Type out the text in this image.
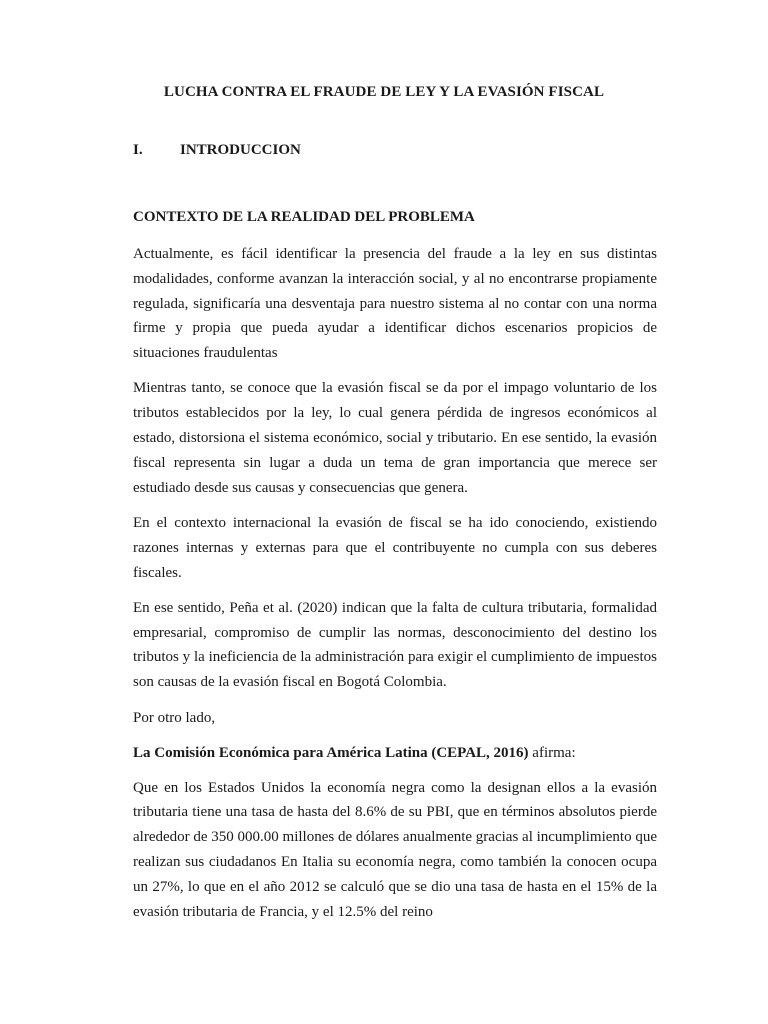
LUCHA CONTRA EL FRAUDE DE LEY Y LA EVASIÓN FISCAL
I. INTRODUCCION
CONTEXTO DE LA REALIDAD DEL PROBLEMA

Actualmente, es fácil identificar la presencia del fraude a la ley en sus distintas modalidades, conforme avanzan la interacción social, y al no encontrarse propiamente regulada, significaría una desventaja para nuestro sistema al no contar con una norma firme y propia que pueda ayudar a identificar dichos escenarios propicios de situaciones fraudulentas

Mientras tanto, se conoce que la evasión fiscal se da por el impago voluntario de los tributos establecidos por la ley, lo cual genera pérdida de ingresos económicos al estado, distorsiona el sistema económico, social y tributario. En ese sentido, la evasión fiscal representa sin lugar a duda un tema de gran importancia que merece ser estudiado desde sus causas y consecuencias que genera.

En el contexto internacional la evasión de fiscal se ha ido conociendo, existiendo razones internas y externas para que el contribuyente no cumpla con sus deberes fiscales.

En ese sentido, Peña et al. (2020) indican que la falta de cultura tributaria, formalidad empresarial, compromiso de cumplir las normas, desconocimiento del destino los tributos y la ineficiencia de la administración para exigir el cumplimiento de impuestos son causas de la evasión fiscal en Bogotá Colombia.

Por otro lado,

La Comisión Económica para América Latina (CEPAL, 2016) afirma:

Que en los Estados Unidos la economía negra como la designan ellos a la evasión tributaria tiene una tasa de hasta del 8.6% de su PBI, que en términos absolutos pierde alrededor de 350 000.00 millones de dólares anualmente gracias al incumplimiento que realizan sus ciudadanos En Italia su economía negra, como también la conocen ocupa un 27%, lo que en el año 2012 se calculó que se dio una tasa de hasta en el 15% de la evasión tributaria de Francia, y el 12.5% del reino
